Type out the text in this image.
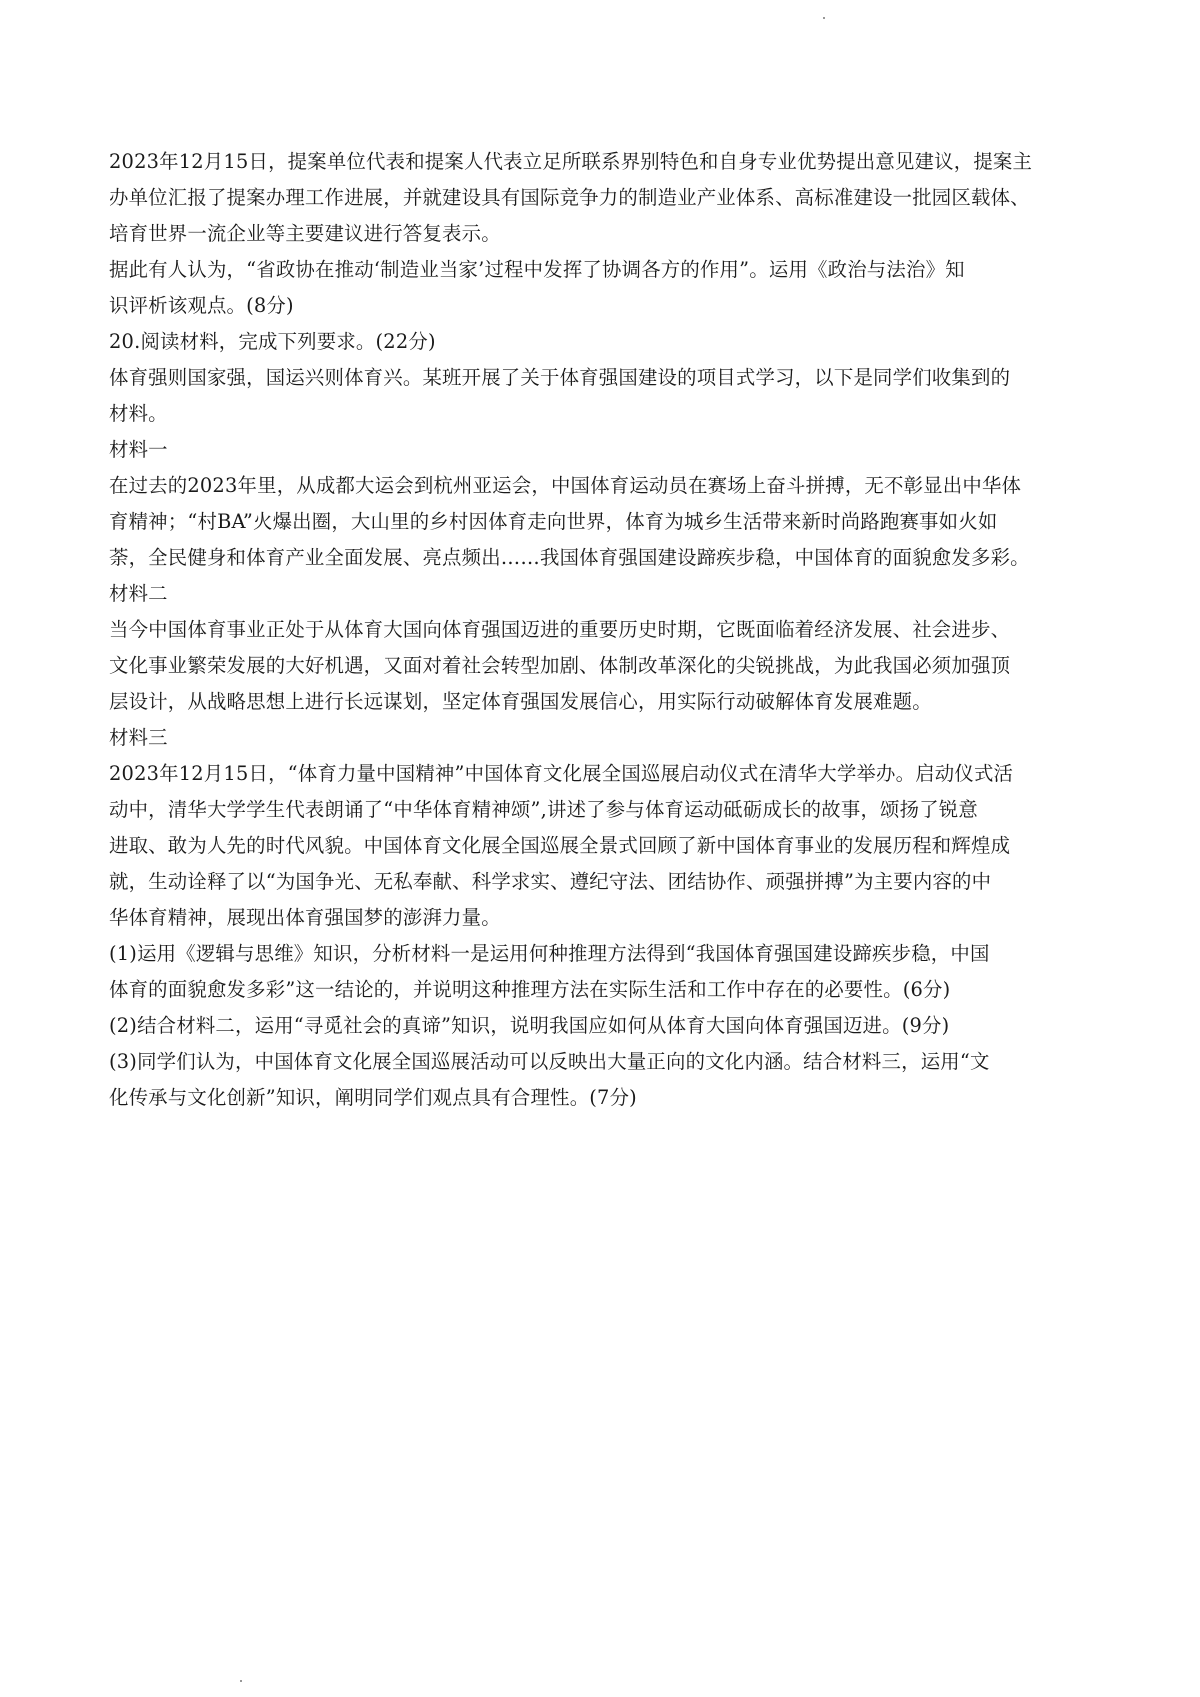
2023年12月15日，提案单位代表和提案人代表立足所联系界别特色和自身专业优势提出意见建议，提案主
办单位汇报了提案办理工作进展，并就建设具有国际竞争力的制造业产业体系、高标准建设一批园区载体、
培育世界一流企业等主要建议进行答复表示。
据此有人认为，“省政协在推动‘制造业当家’过程中发挥了协调各方的作用”。运用《政治与法治》知
识评析该观点。(8分)
20.阅读材料，完成下列要求。(22分)
体育强则国家强，国运兴则体育兴。某班开展了关于体育强国建设的项目式学习，以下是同学们收集到的
材料。
材料一
在过去的2023年里，从成都大运会到杭州亚运会，中国体育运动员在赛场上奋斗拼搏，无不彰显出中华体
育精神；“村BA”火爆出圈，大山里的乡村因体育走向世界，体育为城乡生活带来新时尚路跑赛事如火如
荼，全民健身和体育产业全面发展、亮点频出……我国体育强国建设蹄疾步稳，中国体育的面貌愈发多彩。
材料二
当今中国体育事业正处于从体育大国向体育强国迈进的重要历史时期，它既面临着经济发展、社会进步、
文化事业繁荣发展的大好机遇，又面对着社会转型加剧、体制改革深化的尖锐挑战，为此我国必须加强顶
层设计，从战略思想上进行长远谋划，坚定体育强国发展信心，用实际行动破解体育发展难题。
材料三
2023年12月15日，“体育力量中国精神”中国体育文化展全国巡展启动仪式在清华大学举办。启动仪式活
动中，清华大学学生代表朗诵了“中华体育精神颂”,讲述了参与体育运动砥砺成长的故事，颂扬了锐意
进取、敢为人先的时代风貌。中国体育文化展全国巡展全景式回顾了新中国体育事业的发展历程和辉煌成
就，生动诠释了以“为国争光、无私奉献、科学求实、遵纪守法、团结协作、顽强拼搏”为主要内容的中
华体育精神，展现出体育强国梦的澎湃力量。
(1)运用《逻辑与思维》知识，分析材料一是运用何种推理方法得到“我国体育强国建设蹄疾步稳，中国
体育的面貌愈发多彩”这一结论的，并说明这种推理方法在实际生活和工作中存在的必要性。(6分)
(2)结合材料二，运用“寻觅社会的真谛”知识，说明我国应如何从体育大国向体育强国迈进。(9分)
(3)同学们认为，中国体育文化展全国巡展活动可以反映出大量正向的文化内涵。结合材料三，运用“文
化传承与文化创新”知识，阐明同学们观点具有合理性。(7分)
